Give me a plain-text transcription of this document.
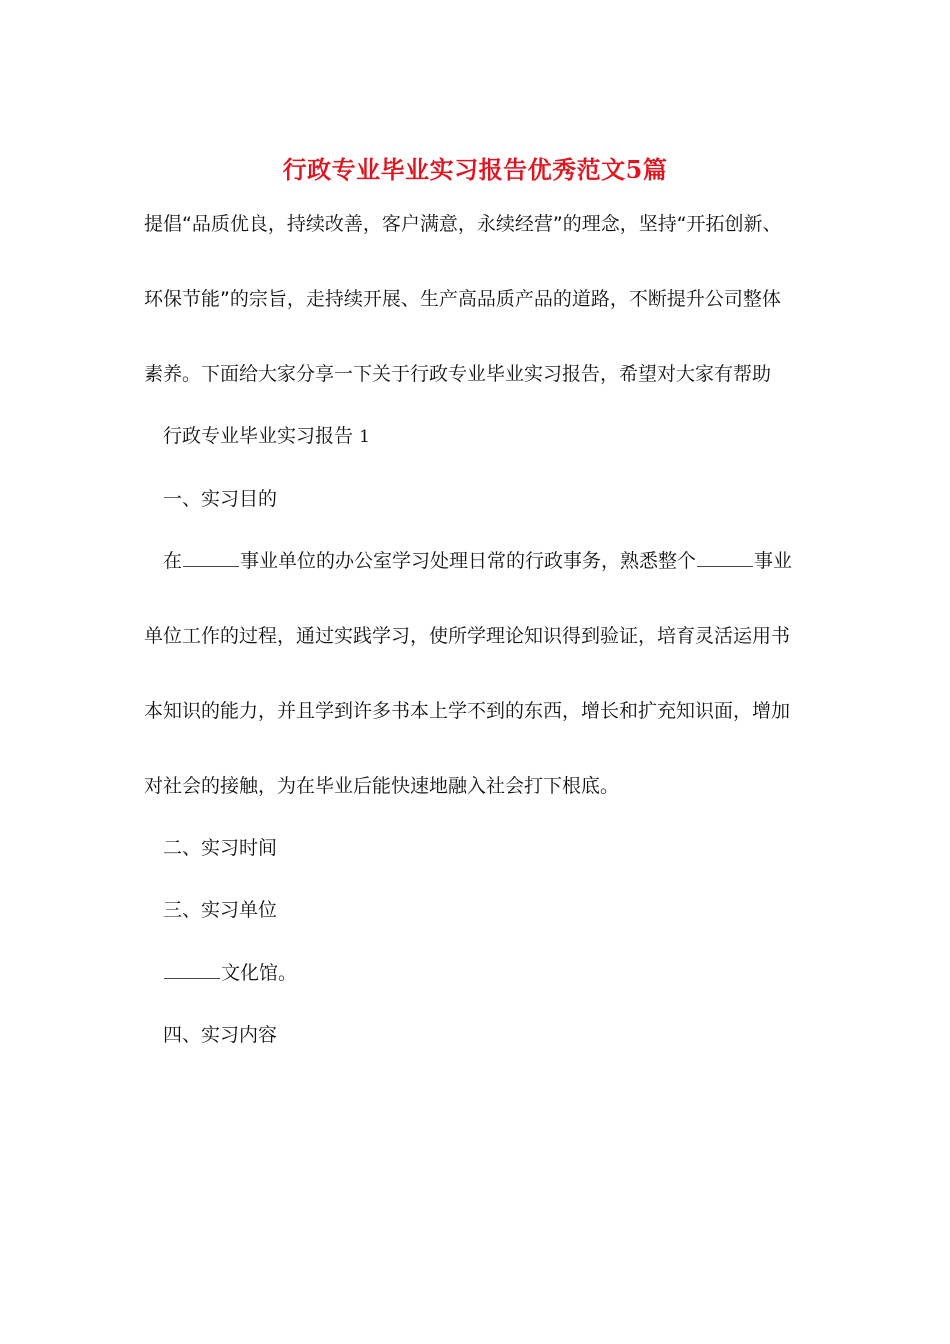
行政专业毕业实习报告优秀范文5篇
提倡“品质优良，持续改善，客户满意，永续经营”的理念，坚持“开拓创新、
环保节能”的宗旨，走持续开展、生产高品质产品的道路，不断提升公司整体
素养。下面给大家分享一下关于行政专业毕业实习报告，希望对大家有帮助
行政专业毕业实习报告 1
一、实习目的
在	事业单位的办公室学习处理日常的行政事务，熟悉整个	事业
单位工作的过程，通过实践学习，使所学理论知识得到验证，培育灵活运用书
本知识的能力，并且学到许多书本上学不到的东西，增长和扩充知识面，增加
对社会的接触，为在毕业后能快速地融入社会打下根底。
二、实习时间
三、实习单位
文化馆。
四、实习内容
